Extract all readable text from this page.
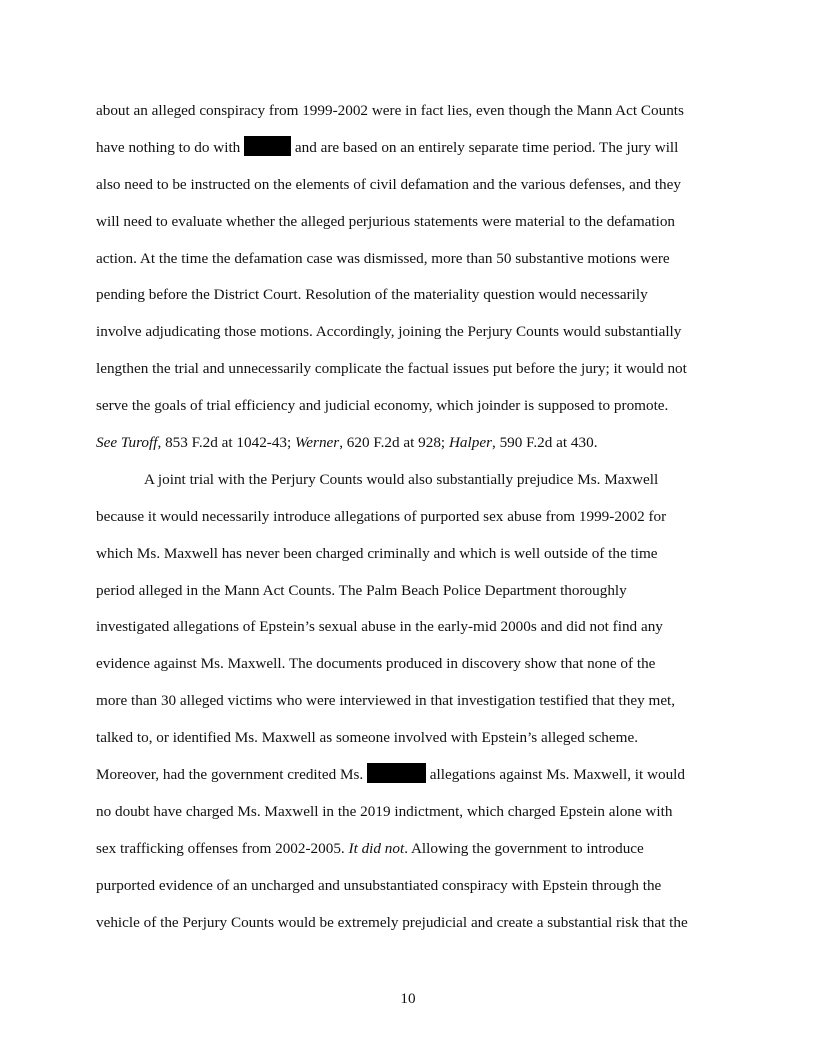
about an alleged conspiracy from 1999-2002 were in fact lies, even though the Mann Act Counts
have nothing to do with	and are based on an entirely separate time period. The jury will
also need to be instructed on the elements of civil defamation and the various defenses, and they
will need to evaluate whether the alleged perjurious statements were material to the defamation
action. At the time the defamation case was dismissed, more than 50 substantive motions were
pending before the District Court. Resolution of the materiality question would necessarily
involve adjudicating those motions. Accordingly, joining the Perjury Counts would substantially
lengthen the trial and unnecessarily complicate the factual issues put before the jury; it would not
serve the goals of trial efficiency and judicial economy, which joinder is supposed to promote.
See Turoff, 853 F.2d at 1042-43; Werner, 620 F.2d at 928; Halper, 590 F.2d at 430.
A joint trial with the Perjury Counts would also substantially prejudice Ms. Maxwell
because it would necessarily introduce allegations of purported sex abuse from 1999-2002 for
which Ms. Maxwell has never been charged criminally and which is well outside of the time
period alleged in the Mann Act Counts. The Palm Beach Police Department thoroughly
investigated allegations of Epstein’s sexual abuse in the early-mid 2000s and did not find any
evidence against Ms. Maxwell. The documents produced in discovery show that none of the
more than 30 alleged victims who were interviewed in that investigation testified that they met,
talked to, or identified Ms. Maxwell as someone involved with Epstein’s alleged scheme.
Moreover, had the government credited Ms.	allegations against Ms. Maxwell, it would
no doubt have charged Ms. Maxwell in the 2019 indictment, which charged Epstein alone with
sex trafficking offenses from 2002-2005. It did not. Allowing the government to introduce
purported evidence of an uncharged and unsubstantiated conspiracy with Epstein through the
vehicle of the Perjury Counts would be extremely prejudicial and create a substantial risk that the
10
